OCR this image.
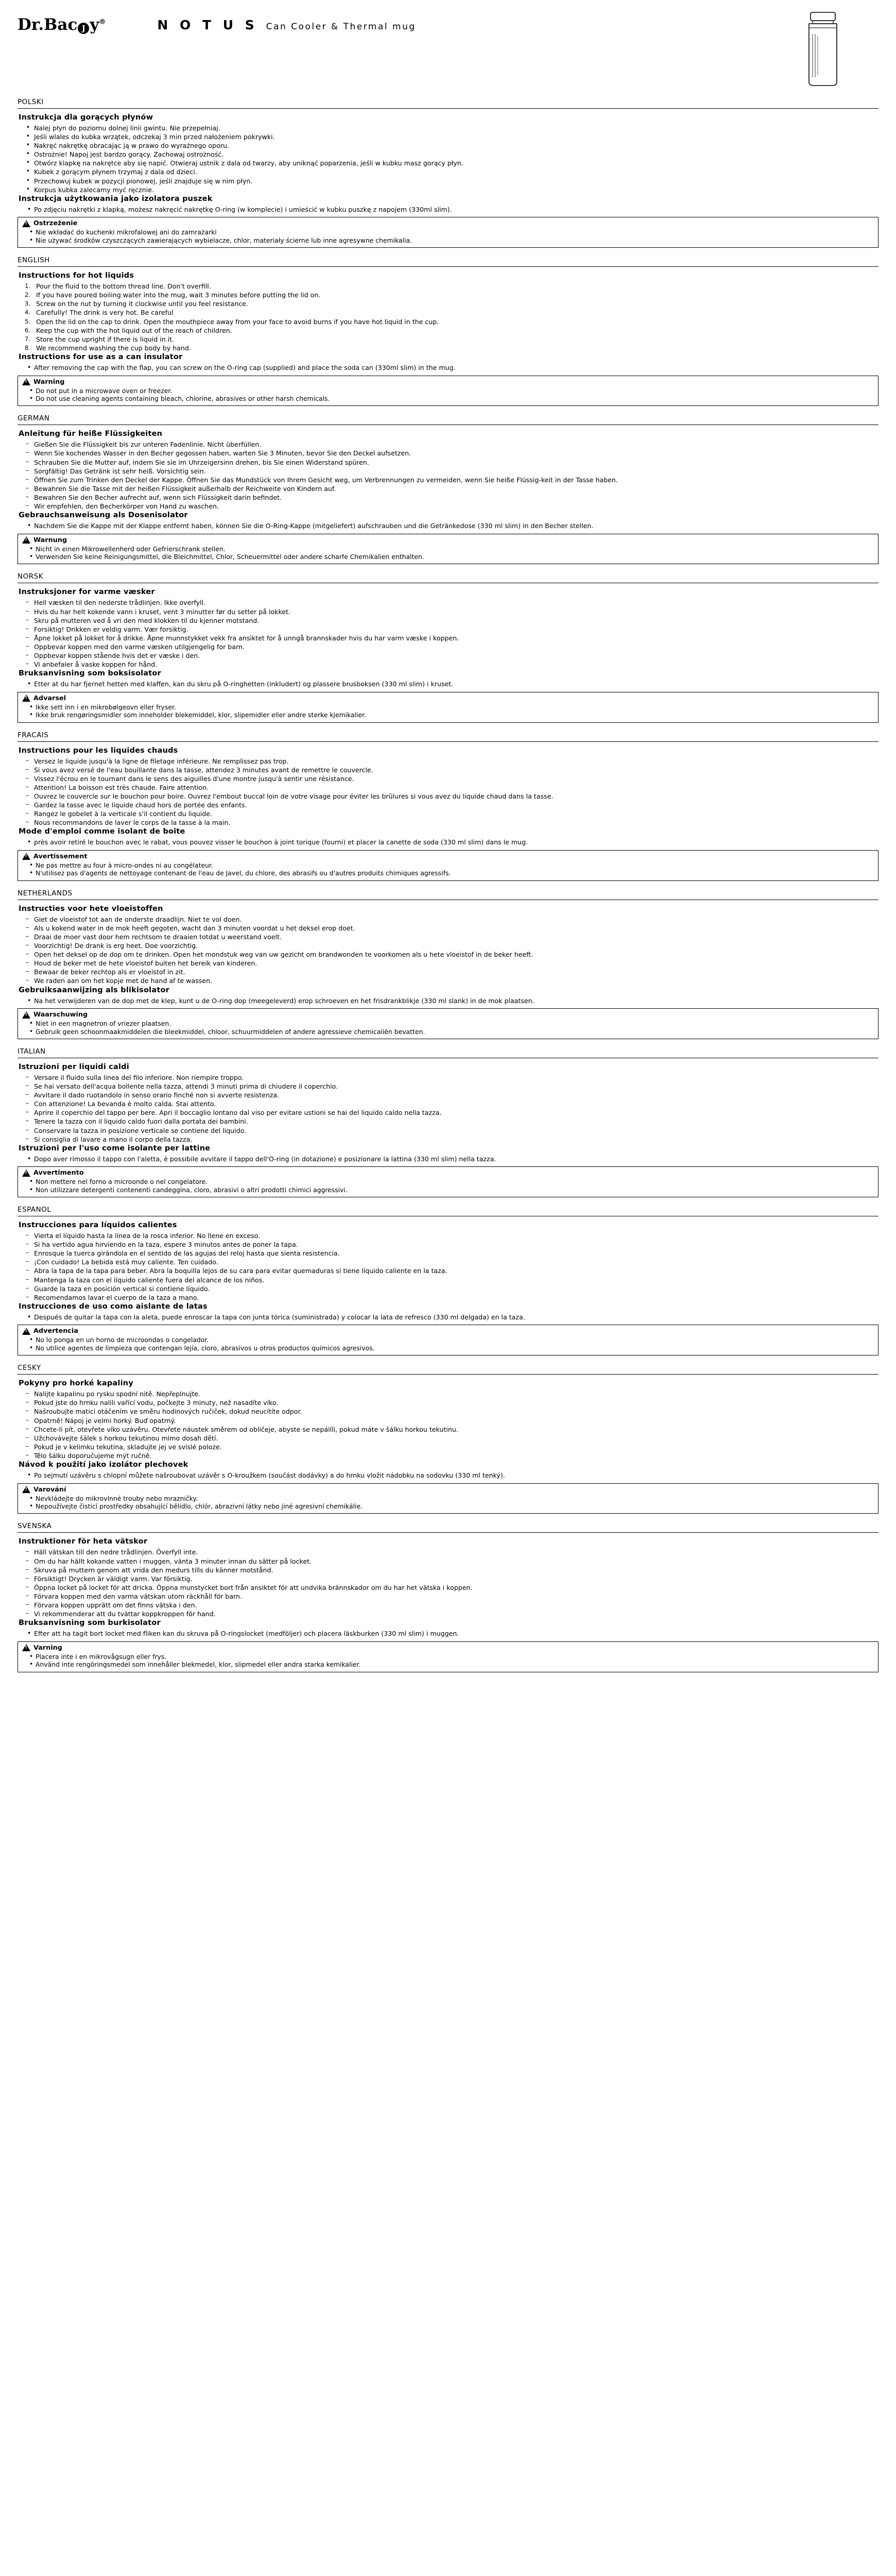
Dr.Bac J y®	N O T U S Can Cooler & Thermal mug
POLSKI
Instrukcja dla gorących płynów
• Nalej płyn do poziomu dolnej linii gwintu. Nie przepełniaj.
• Jeśli wlales do kubka wrzątek, odczekaj 3 min przed nałożeniem pokrywki.
• Nakręć nakrętkę obracając ją w prawo do wyraźnego oporu.
• Ostrożnie! Napoj jest bardzo gorący. Zachowaj ostrożność.
• Otwórz klapkę na nakrętce aby się napić. Otwieraj ustnik z dala od twarzy, aby uniknąć poparzenia, jeśli w kubku masz gorący płyn.
• Kubek z gorącym płynem trzymaj z dala od dzieci.
• Przechowuj kubek w pozycji pionowej, jeśli znajduje się w nim płyn.
• Korpus kubka zalecamy myć ręcznie.
Instrukcja użytkowania jako izolatora puszek
• Po zdjęciu nakrętki z klapką, możesz nakręcić nakrętkę O-ring (w komplecie) i umieścić w kubku puszkę z napojem (330ml slim).
!
Ostrzeżenie
• Nie wkładać do kuchenki mikrofalowej ani do zamrażarki
• Nie używać środków czyszczących zawierających wybielacze, chlor, materiały ścierne lub inne agresywne chemikalia.
ENGLISH
Instructions for hot liquids
Pour the fluid to the bottom thread line. Don't overfill.
If you have poured boiling water into the mug, wait 3 minutes before putting the lid on.
Screw on the nut by turning it clockwise until you feel resistance.
Carefully! The drink is very hot. Be careful
Open the lid on the cap to drink. Open the mouthpiece away from your face to avoid burns if you have hot liquid in the cup.
Keep the cup with the hot liquid out of the reach of children.
Store the cup upright if there is liquid in it.
We recommend washing the cup body by hand.
Instructions for use as a can insulator
• After removing the cap with the flap, you can screw on the O-ring cap (supplied) and place the soda can (330ml slim) in the mug.
!
Warning
• Do not put in a microwave oven or freezer.
• Do not use cleaning agents containing bleach, chlorine, abrasives or other harsh chemicals.
GERMAN
Anleitung für heiße Flüssigkeiten
– Gießen Sie die Flüssigkeit bis zur unteren Fadenlinie. Nicht überfüllen.
– Wenn Sie kochendes Wasser in den Becher gegossen haben, warten Sie 3 Minuten, bevor Sie den Deckel aufsetzen.
– Schrauben Sie die Mutter auf, indem Sie sie im Uhrzeigersinn drehen, bis Sie einen Widerstand spüren.
– Sorgfältig! Das Getränk ist sehr heiß. Vorsichtig sein.
– Öffnen Sie zum Trinken den Deckel der Kappe. Öffnen Sie das Mundstück von Ihrem Gesicht weg, um Verbrennungen zu vermeiden, wenn Sie heiße Flüssig-keit in der Tasse haben.
– Bewahren Sie die Tasse mit der heißen Flüssigkeit außerhalb der Reichweite von Kindern auf.
– Bewahren Sie den Becher aufrecht auf, wenn sich Flüssigkeit darin befindet.
– Wir empfehlen, den Becherkörper von Hand zu waschen.
Gebrauchsanweisung als Dosenisolator
• Nachdem Sie die Kappe mit der Klappe entfernt haben, können Sie die O-Ring-Kappe (mitgeliefert) aufschrauben und die Getränkedose (330 ml slim) in den Becher stellen.
!
Warnung
• Nicht in einen Mikrowellenherd oder Gefrierschrank stellen.
• Verwenden Sie keine Reinigungsmittel, die Bleichmittel, Chlor, Scheuermittel oder andere scharfe Chemikalien enthalten.
NORSK
Instruksjoner for varme væsker
– Hell væsken til den nederste trådlinjen. Ikke overfyll.
– Hvis du har helt kokende vann i kruset, vent 3 minutter før du setter på lokket.
– Skru på mutteren ved å vri den med klokken til du kjenner motstand.
– Forsiktig! Drikken er veldig varm. Vær forsiktig.
– Åpne lokket på lokket for å drikke. Åpne munnstykket vekk fra ansiktet for å unngå brannskader hvis du har varm væske i koppen.
– Oppbevar koppen med den varme væsken utilgjengelig for barn.
– Oppbevar koppen stående hvis det er væske i den.
– Vi anbefaler å vaske koppen for hånd.
Bruksanvisning som boksisolator
• Etter at du har fjernet hetten med klaffen, kan du skru på O-ringhetten (inkludert) og plassere brusboksen (330 ml slim) i kruset.
!
Advarsel
• Ikke sett inn i en mikrobølgeovn eller fryser.
• Ikke bruk rengøringsmidler som inneholder blekemiddel, klor, slipemidler eller andre sterke kjemikalier.
FRACAIS
Instructions pour les liquides chauds
– Versez le liquide jusqu'à la ligne de filetage inférieure. Ne remplissez pas trop.
– Si vous avez versé de l'eau bouillante dans la tasse, attendez 3 minutes avant de remettre le couvercle.
– Vissez l'écrou en le tournant dans le sens des aiguilles d'une montre jusqu'à sentir une résistance.
– Attention! La boisson est très chaude. Faire attention.
– Ouvrez le couvercle sur le bouchon pour boire. Ouvrez l'embout buccal loin de votre visage pour éviter les brûlures si vous avez du liquide chaud dans la tasse.
– Gardez la tasse avec le liquide chaud hors de portée des enfants.
– Rangez le gobelet à la verticale s'il contient du liquide.
– Nous recommandons de laver le corps de la tasse à la main.
Mode d'emploi comme isolant de boite
• près avoir retiré le bouchon avec le rabat, vous pouvez visser le bouchon à joint torique (fourni) et placer la canette de soda (330 ml slim) dans le mug.
!
Avertissement
• Ne pas mettre au four à micro-ondes ni au congélateur.
• N'utilisez pas d'agents de nettoyage contenant de l'eau de Javel, du chlore, des abrasifs ou d'autres produits chimiques agressifs.
NETHERLANDS
Instructies voor hete vloeistoffen
– Giet de vloeistof tot aan de onderste draadlijn. Niet te vol doen.
– Als u kokend water in de mok heeft gegoten, wacht dan 3 minuten voordat u het deksel erop doet.
– Draai de moer vast door hem rechtsom te draaien totdat u weerstand voelt.
– Voorzichtig! De drank is erg heet. Doe voorzichtig.
– Open het deksel op de dop om te drinken. Open het mondstuk weg van uw gezicht om brandwonden te voorkomen als u hete vloeistof in de beker heeft.
– Houd de beker met de hete vloeistof buiten het bereik van kinderen.
– Bewaar de beker rechtop als er vloeistof in zit.
– We raden aan om het kopje met de hand af te wassen.
Gebruiksaanwijzing als blikisolator
• Na het verwijderen van de dop met de klep, kunt u de O-ring dop (meegeleverd) erop schroeven en het frisdrankblikje (330 ml slank) in de mok plaatsen.
!
Waarschuwing
• Niet in een magnetron of vriezer plaatsen.
• Gebruik geen schoonmaakmiddelen die bleekmiddel, chloor, schuurmiddelen of andere agressieve chemicaliën bevatten.
ITALIAN
Istruzioni per liquidi caldi
– Versare il fluido sulla linea del filo inferiore. Non riempire troppo.
– Se hai versato dell'acqua bollente nella tazza, attendi 3 minuti prima di chiudere il coperchio.
– Avvitare il dado ruotandolo in senso orario finché non si avverte resistenza.
– Con attenzione! La bevanda è molto calda. Stai attento.
– Aprire il coperchio del tappo per bere. Apri il boccaglio lontano dal viso per evitare ustioni se hai del liquido caldo nella tazza.
– Tenere la tazza con il liquido caldo fuori dalla portata dei bambini.
– Conservare la tazza in posizione verticale se contiene del liquido.
– Si consiglia di lavare a mano il corpo della tazza.
Istruzioni per l'uso come isolante per lattine
• Dopo aver rimosso il tappo con l'aletta, è possibile avvitare il tappo dell'O-ring (in dotazione) e posizionare la lattina (330 ml slim) nella tazza.
!
Avvertimento
• Non mettere nel forno a microonde o nel congelatore.
• Non utilizzare detergenti contenenti candeggina, cloro, abrasivi o altri prodotti chimici aggressivi.
ESPANOL
Instrucciones para líquidos calientes
– Vierta el líquido hasta la línea de la rosca inferior. No llene en exceso.
– Si ha vertido agua hirviendo en la taza, espere 3 minutos antes de poner la tapa.
– Enrosque la tuerca girándola en el sentido de las agujas del reloj hasta que sienta resistencia.
– ¡Con cuidado! La bebida está muy caliente. Ten cuidado.
– Abra la tapa de la tapa para beber. Abra la boquilla lejos de su cara para evitar quemaduras si tiene líquido caliente en la taza.
– Mantenga la taza con el líquido caliente fuera del alcance de los niños.
– Guarde la taza en posición vertical si contiene líquido.
– Recomendamos lavar el cuerpo de la taza a mano.
Instrucciones de uso como aislante de latas
• Después de quitar la tapa con la aleta, puede enroscar la tapa con junta tórica (suministrada) y colocar la lata de refresco (330 ml delgada) en la taza.
!
Advertencia
• No lo ponga en un horno de microondas o congelador.
• No utilice agentes de limpieza que contengan lejía, cloro, abrasivos u otros productos químicos agresivos.
CESKY
Pokyny pro horké kapaliny
– Nalijte kapalinu po rysku spodní nitě. Nepřeplnujte.
– Pokud jste do hrnku nalili vařící vodu, počkejte 3 minuty, než nasadíte víko.
– Našroubujte matici otáčením ve směru hodinových ručiček, dokud neucítíte odpor.
– Opatrně! Nápoj je velmi horký. Buď opatrný.
– Chcete-li pít, otevřete víko uzávěru. Otevřete náustek směrem od obličeje, abyste se nepálíli, pokud máte v šálku horkou tekutinu.
– Užchovávejte šálek s horkou tekutinou mimo dosah dětí.
– Pokud je v kelimku tekutina, skladujte jej ve svislé poloze.
– Tělo šálku doporučujeme mýt ručně.
Návod k použití jako izolátor plechovek
• Po sejmutí uzávěru s chlopní můžete našroubovat uzávěr s O-kroužkem (součást dodávky) a do hrnku vložit nádobku na sodovku (330 ml tenký).
!
Varování
• Nevkládejte do mikrovlnné trouby nebo mrazničky.
• Nepoužívejte čisticí prostředky obsahující bělidlo, chlór, abrazivní látky nebo jiné agresivní chemikálie.
SVENSKA
Instruktioner för heta vätskor
– Häll vätskan till den nedre trådlinjen. Överfyll inte.
– Om du har hällt kokande vatten i muggen, vänta 3 minuter innan du sätter på locket.
– Skruva på muttern genom att vrida den medurs tills du känner motstånd.
– Försiktigt! Drycken är väldigt varm. Var försiktig.
– Öppna locket på locket för att dricka. Öppna munstycket bort från ansiktet för att undvika brännskador om du har het vätska i koppen.
– Förvara koppen med den varma vätskan utom räckhåll för barn.
– Förvara koppen upprätt om det finns vätska i den.
– Vi rekommenderar att du tvättar koppkroppen för hand.
Bruksanvisning som burkisolator
• Efter att ha tagit bort locket med fliken kan du skruva på O-ringslocket (medföljer) och placera läskburken (330 ml slim) i muggen.
!
Varning
• Placera inte i en mikrovågsugn eller frys.
• Använd inte rengöringsmedel som innehåller blekmedel, klor, slipmedel eller andra starka kemikalier.
